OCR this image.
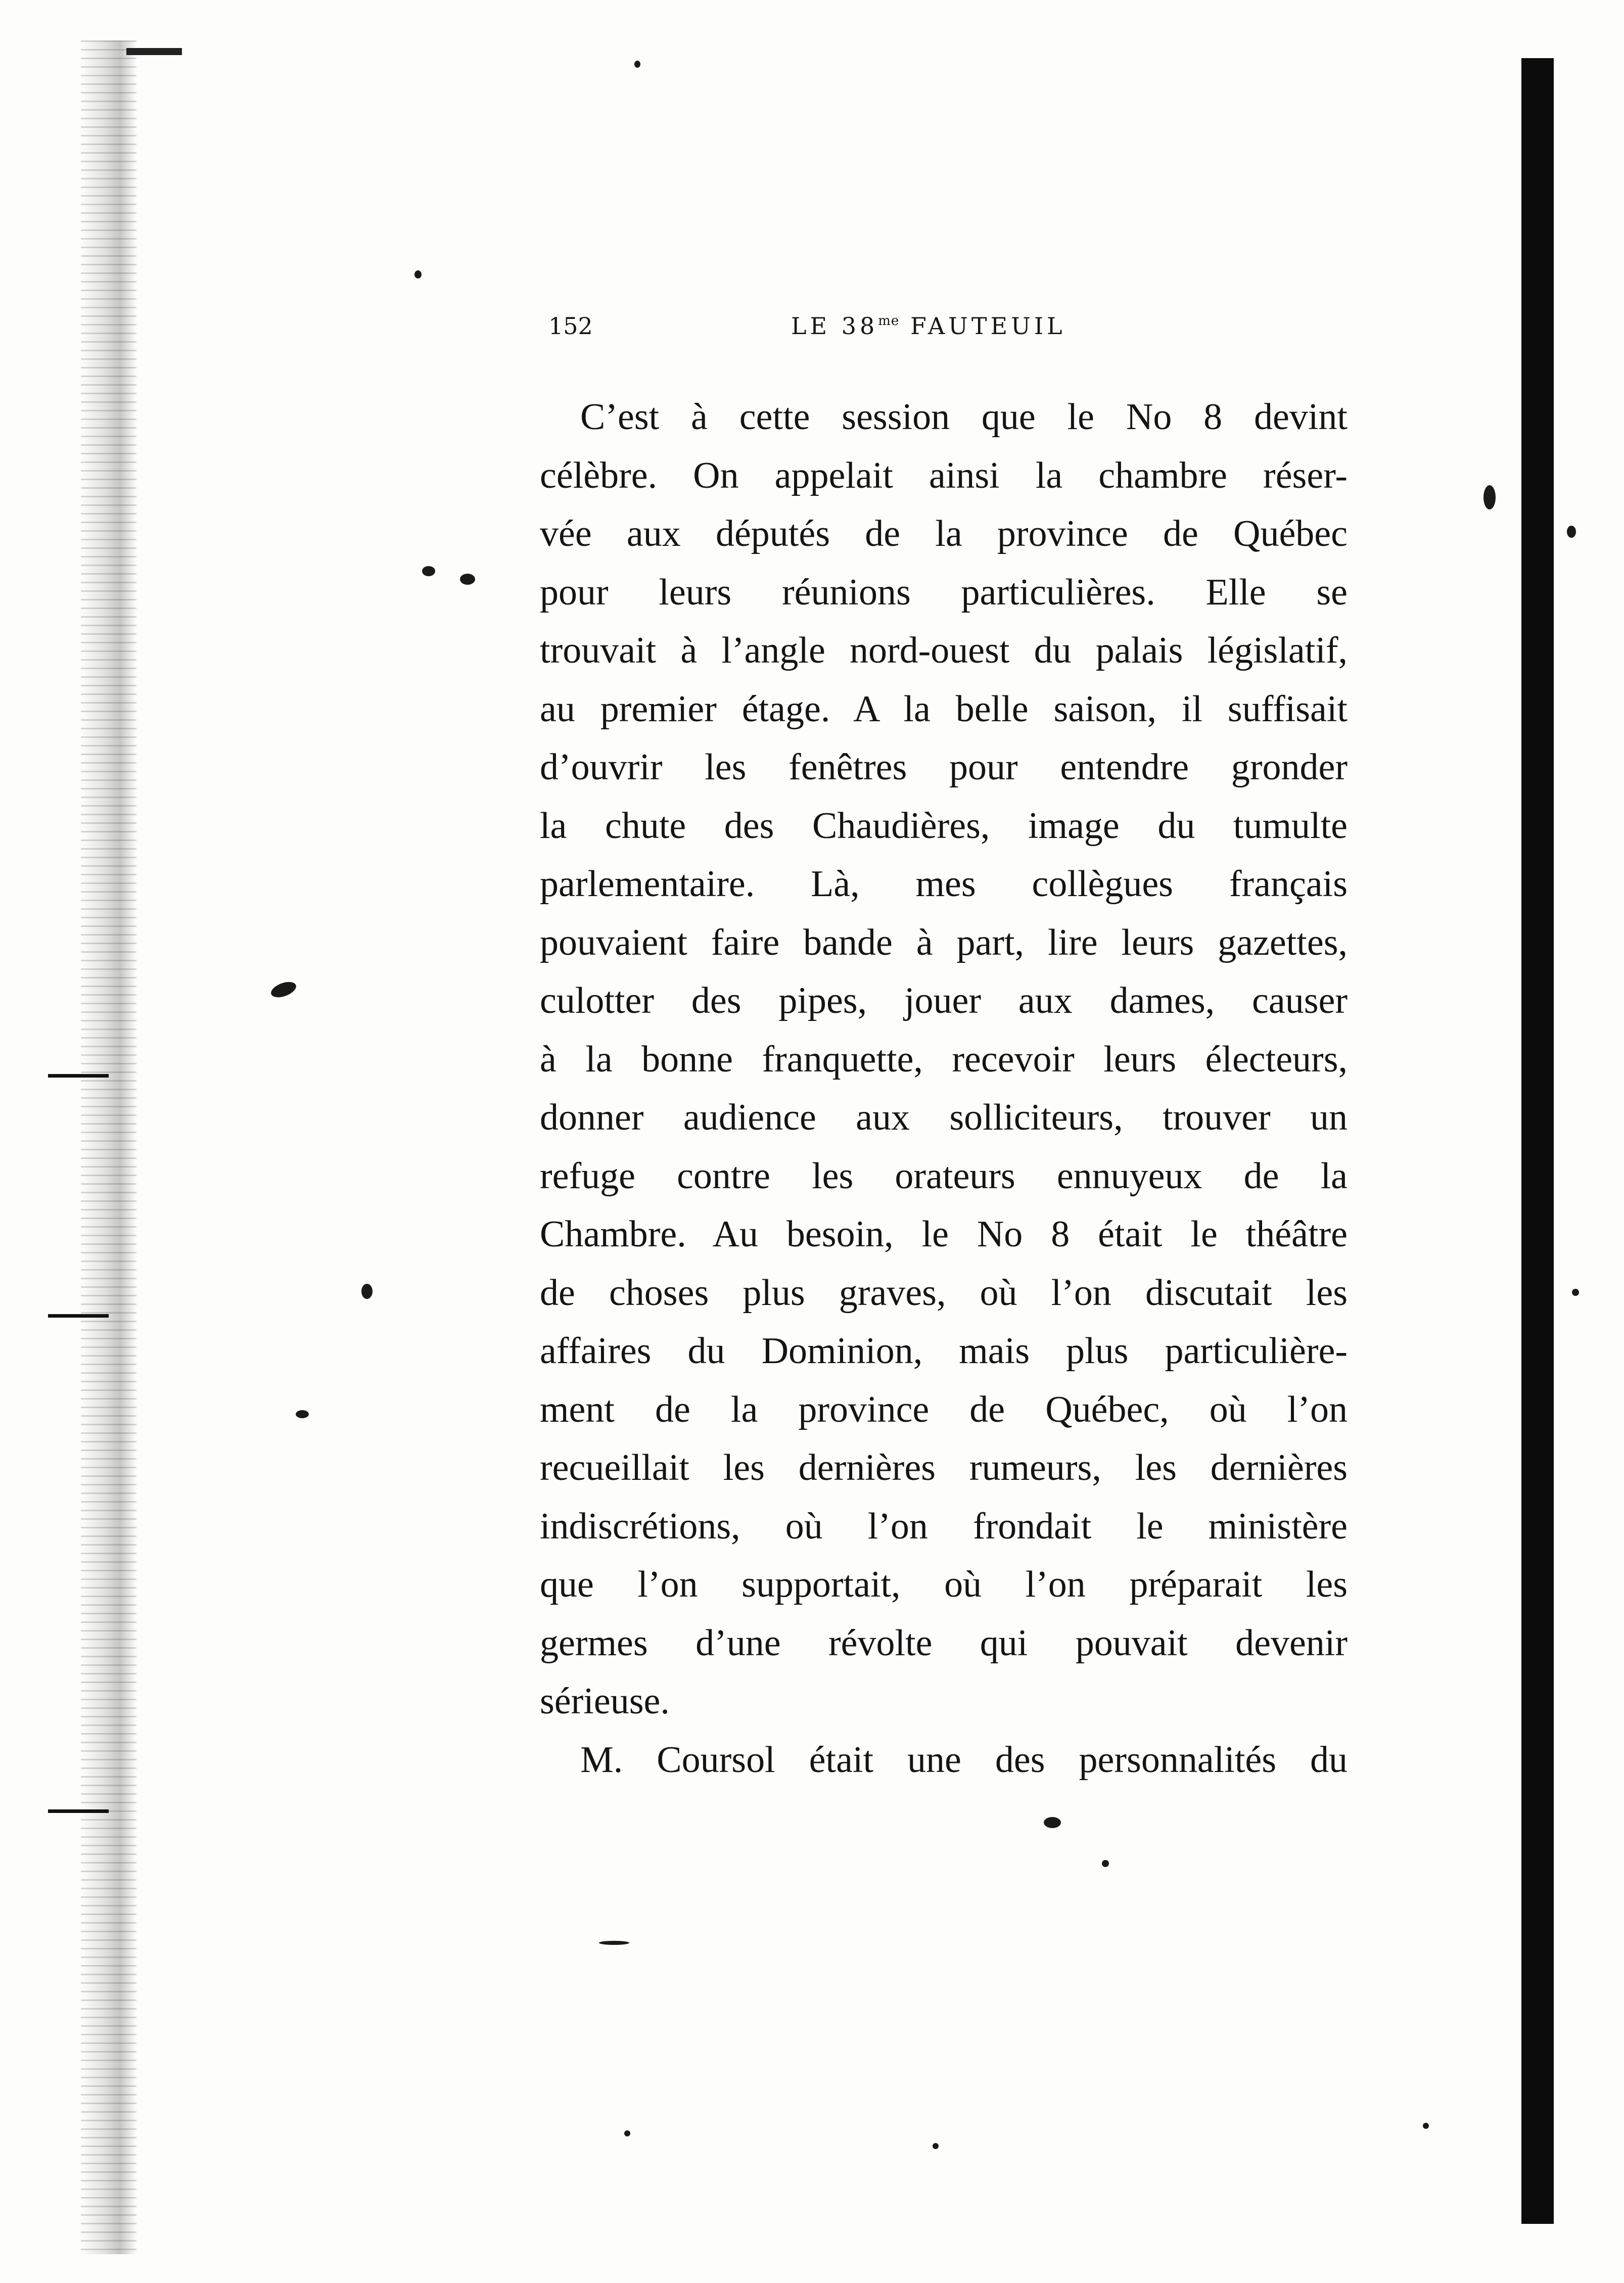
152	LE $38^{me}$ FAUTEUIL
C’est à cette session que le No 8 devint
célèbre. On appelait ainsi la chambre réser-
vée aux députés de la province de Québec
pour leurs réunions particulières. Elle se
trouvait à l’angle nord-ouest du palais législatif,
au premier étage. A la belle saison, il suffisait
d’ouvrir les fenêtres pour entendre gronder
la chute des Chaudières, image du tumulte
parlementaire. Là, mes collègues français
pouvaient faire bande à part, lire leurs gazettes,
culotter des pipes, jouer aux dames, causer
à la bonne franquette, recevoir leurs électeurs,
donner audience aux solliciteurs, trouver un
refuge contre les orateurs ennuyeux de la
Chambre. Au besoin, le No 8 était le théâtre
de choses plus graves, où l’on discutait les
affaires du Dominion, mais plus particulière-
ment de la province de Québec, où l’on
recueillait les dernières rumeurs, les dernières
indiscrétions, où l’on frondait le ministère
que l’on supportait, où l’on préparait les
germes d’une révolte qui pouvait devenir
sérieuse.
M. Coursol était une des personnalités du
